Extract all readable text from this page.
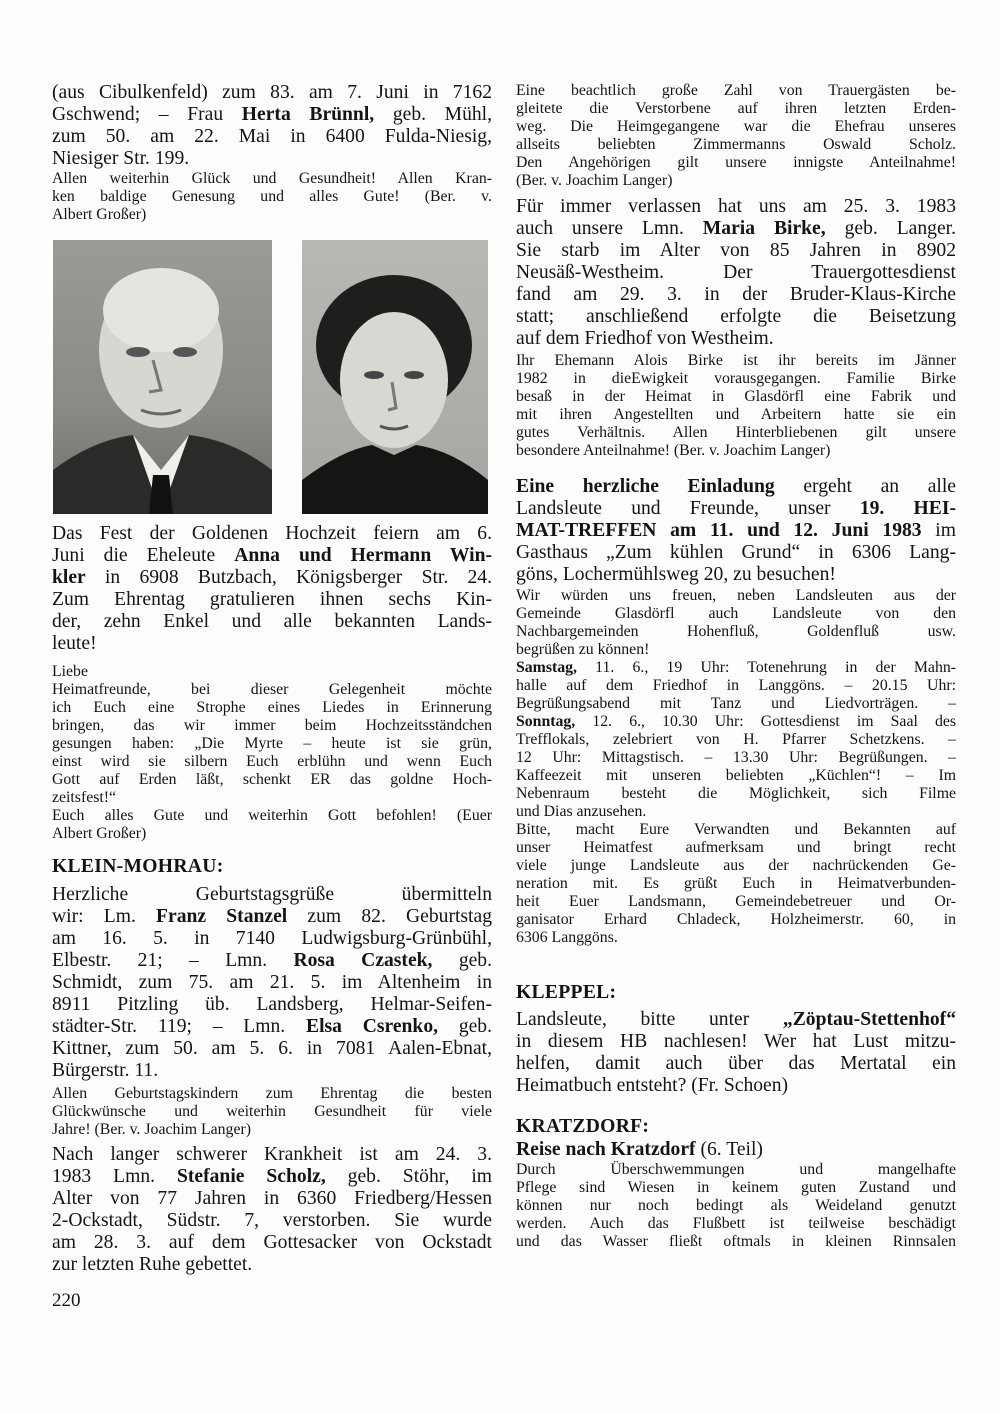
(aus Cibulkenfeld) zum 83. am 7. Juni in 7162
Gschwend; – Frau Herta Brünnl, geb. Mühl,
zum 50. am 22. Mai in 6400 Fulda-Niesig,
Niesiger Str. 199.
Allen weiterhin Glück und Gesundheit! Allen Kran-
ken baldige Genesung und alles Gute! (Ber. v.
Albert Großer)
Das Fest der Goldenen Hochzeit feiern am 6.
Juni die Eheleute Anna und Hermann Win-
kler in 6908 Butzbach, Königsberger Str. 24.
Zum Ehrentag gratulieren ihnen sechs Kin-
der, zehn Enkel und alle bekannten Lands-
leute!
Liebe
Heimatfreunde, bei dieser Gelegenheit möchte
ich Euch eine Strophe eines Liedes in Erinnerung
bringen, das wir immer beim Hochzeitsständchen
gesungen haben: „Die Myrte – heute ist sie grün,
einst wird sie silbern Euch erblühn und wenn Euch
Gott auf Erden läßt, schenkt ER das goldne Hoch-
zeitsfest!“
Euch alles Gute und weiterhin Gott befohlen! (Euer
Albert Großer)
KLEIN-MOHRAU:
Herzliche Geburtstagsgrüße übermitteln
wir: Lm. Franz Stanzel zum 82. Geburtstag
am 16. 5. in 7140 Ludwigsburg-Grünbühl,
Elbestr. 21; – Lmn. Rosa Czastek, geb.
Schmidt, zum 75. am 21. 5. im Altenheim in
8911 Pitzling üb. Landsberg, Helmar-Seifen-
städter-Str. 119; – Lmn. Elsa Csrenko, geb.
Kittner, zum 50. am 5. 6. in 7081 Aalen-Ebnat,
Bürgerstr. 11.
Allen Geburtstagskindern zum Ehrentag die besten
Glückwünsche und weiterhin Gesundheit für viele
Jahre! (Ber. v. Joachim Langer)
Nach langer schwerer Krankheit ist am 24. 3.
1983 Lmn. Stefanie Scholz, geb. Stöhr, im
Alter von 77 Jahren in 6360 Friedberg/Hessen
2-Ockstadt, Südstr. 7, verstorben. Sie wurde
am 28. 3. auf dem Gottesacker von Ockstadt
zur letzten Ruhe gebettet.
220
Eine beachtlich große Zahl von Trauergästen be-
gleitete die Verstorbene auf ihren letzten Erden-
weg. Die Heimgegangene war die Ehefrau unseres
allseits beliebten Zimmermanns Oswald Scholz.
Den Angehörigen gilt unsere innigste Anteilnahme!
(Ber. v. Joachim Langer)
Für immer verlassen hat uns am 25. 3. 1983
auch unsere Lmn. Maria Birke, geb. Langer.
Sie starb im Alter von 85 Jahren in 8902
Neusäß-Westheim. Der Trauergottesdienst
fand am 29. 3. in der Bruder-Klaus-Kirche
statt; anschließend erfolgte die Beisetzung
auf dem Friedhof von Westheim.
Ihr Ehemann Alois Birke ist ihr bereits im Jänner
1982 in dieEwigkeit vorausgegangen. Familie Birke
besaß in der Heimat in Glasdörfl eine Fabrik und
mit ihren Angestellten und Arbeitern hatte sie ein
gutes Verhältnis. Allen Hinterbliebenen gilt unsere
besondere Anteilnahme! (Ber. v. Joachim Langer)
Eine herzliche Einladung ergeht an alle
Landsleute und Freunde, unser 19. HEI-
MAT-TREFFEN am 11. und 12. Juni 1983 im
Gasthaus „Zum kühlen Grund“ in 6306 Lang-
göns, Lochermühlsweg 20, zu besuchen!
Wir würden uns freuen, neben Landsleuten aus der
Gemeinde Glasdörfl auch Landsleute von den
Nachbargemeinden Hohenfluß, Goldenfluß usw.
begrüßen zu können!
Samstag, 11. 6., 19 Uhr: Totenehrung in der Mahn-
halle auf dem Friedhof in Langgöns. – 20.15 Uhr:
Begrüßungsabend mit Tanz und Liedvorträgen. –
Sonntag, 12. 6., 10.30 Uhr: Gottesdienst im Saal des
Trefflokals, zelebriert von H. Pfarrer Schetzkens. –
12 Uhr: Mittagstisch. – 13.30 Uhr: Begrüßungen. –
Kaffeezeit mit unseren beliebten „Küchlen“! – Im
Nebenraum besteht die Möglichkeit, sich Filme
und Dias anzusehen.
Bitte, macht Eure Verwandten und Bekannten auf
unser Heimatfest aufmerksam und bringt recht
viele junge Landsleute aus der nachrückenden Ge-
neration mit. Es grüßt Euch in Heimatverbunden-
heit Euer Landsmann, Gemeindebetreuer und Or-
ganisator Erhard Chladeck, Holzheimerstr. 60, in
6306 Langgöns.
KLEPPEL:
Landsleute, bitte unter „Zöptau-Stettenhof“
in diesem HB nachlesen! Wer hat Lust mitzu-
helfen, damit auch über das Mertatal ein
Heimatbuch entsteht? (Fr. Schoen)
KRATZDORF:
Reise nach Kratzdorf (6. Teil)
Durch Überschwemmungen und mangelhafte
Pflege sind Wiesen in keinem guten Zustand und
können nur noch bedingt als Weideland genutzt
werden. Auch das Flußbett ist teilweise beschädigt
und das Wasser fließt oftmals in kleinen Rinnsalen
